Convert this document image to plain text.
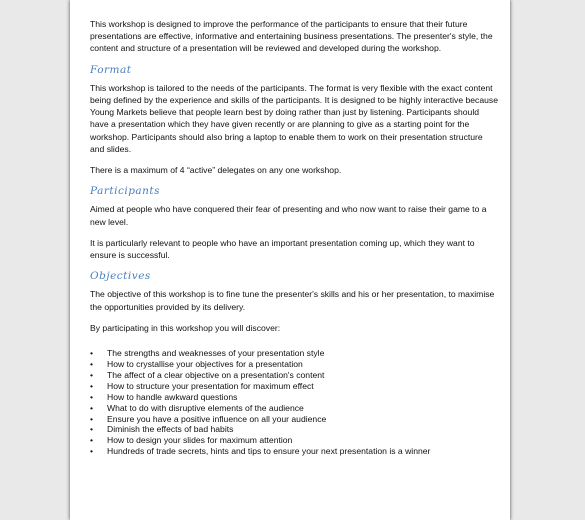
This workshop is designed to improve the performance of the participants to ensure that their future presentations are effective, informative and entertaining business presentations. The presenter's style, the content and structure of a presentation will be reviewed and developed during the workshop.

Format

This workshop is tailored to the needs of the participants. The format is very flexible with the exact content being defined by the experience and skills of the participants. It is designed to be highly interactive because Young Markets believe that people learn best by doing rather than just by listening. Participants should have a presentation which they have given recently or are planning to give as a starting point for the workshop. Participants should also bring a laptop to enable them to work on their presentation structure and slides.

There is a maximum of 4 “active” delegates on any one workshop.

Participants

Aimed at people who have conquered their fear of presenting and who now want to raise their game to a new level.

It is particularly relevant to people who have an important presentation coming up, which they want to ensure is successful.

Objectives

The objective of this workshop is to fine tune the presenter's skills and his or her presentation, to maximise the opportunities provided by its delivery.

By participating in this workshop you will discover:

• The strengths and weaknesses of your presentation style
• How to crystallise your objectives for a presentation
• The affect of a clear objective on a presentation's content
• How to structure your presentation for maximum effect
• How to handle awkward questions
• What to do with disruptive elements of the audience
• Ensure you have a positive influence on all your audience
• Diminish the effects of bad habits
• How to design your slides for maximum attention
• Hundreds of trade secrets, hints and tips to ensure your next presentation is a winner
